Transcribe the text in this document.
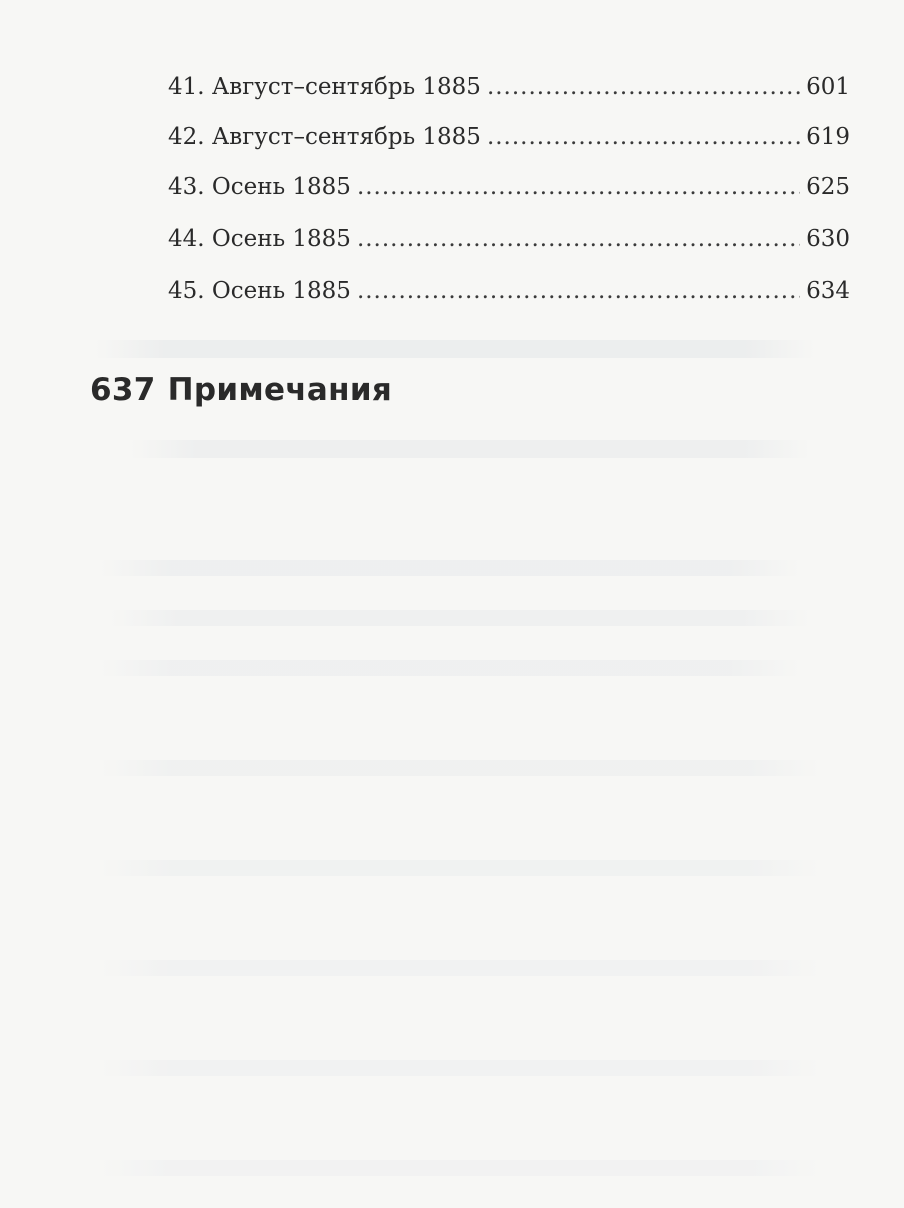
41. Август–сентябрь 1885 .....	601
42. Август–сентябрь 1885 .....	619
43. Осень 1885 .....	625
44. Осень 1885 .....	630
45. Осень 1885 .....	634
637 Примечания
